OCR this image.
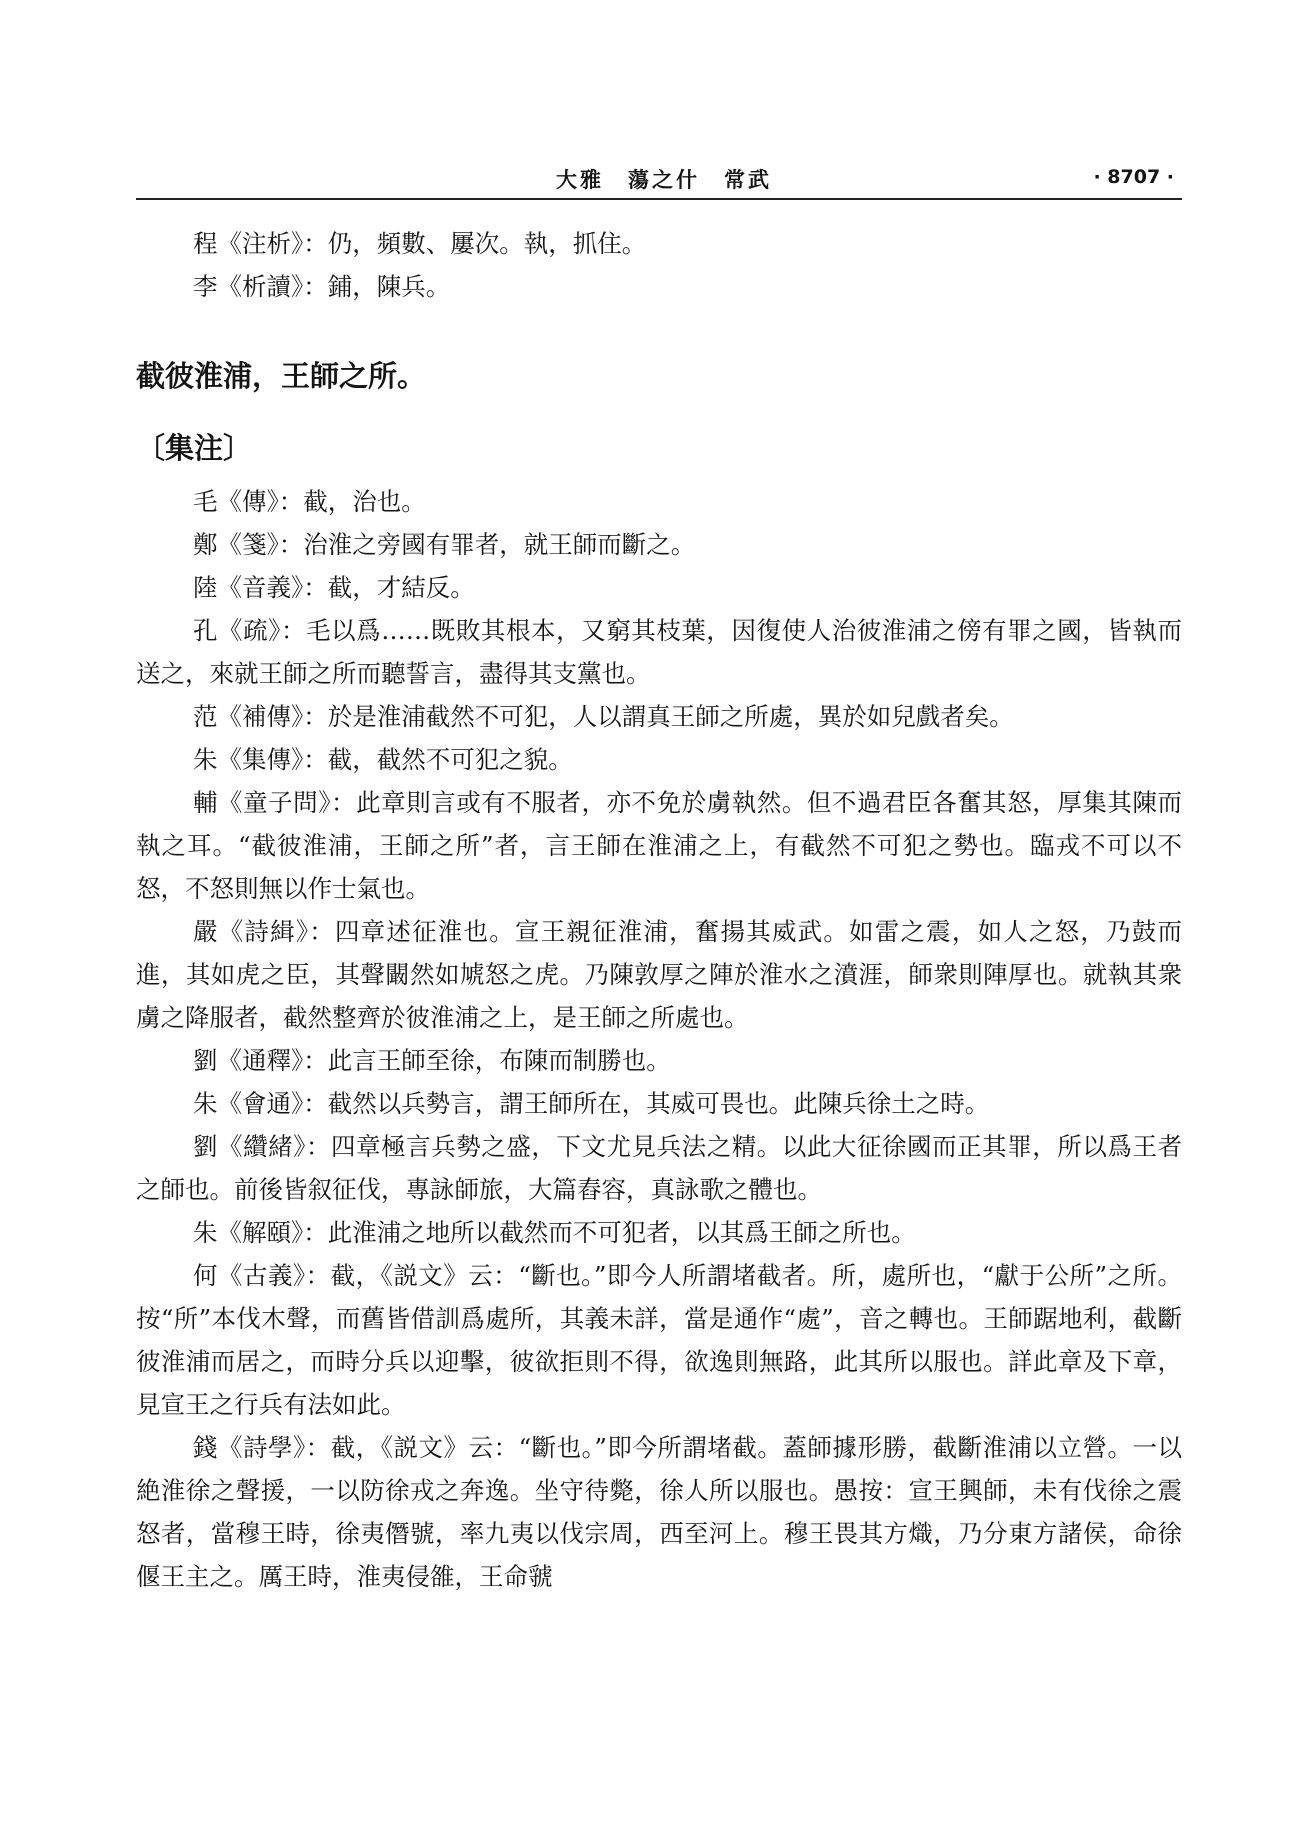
大雅　蕩之什　常武	· 8707 ·

程《注析》：仍，頻數、屢次。執，抓住。

李《析讀》：鋪，陳兵。

截彼淮浦，王師之所。
〔集注〕

毛《傳》：截，治也。

鄭《箋》：治淮之旁國有罪者，就王師而斷之。

陸《音義》：截，才結反。

孔《疏》：毛以爲……既敗其根本，又窮其枝葉，因復使人治彼淮浦之傍有罪之國，皆執而送之，來就王師之所而聽誓言，盡得其支黨也。

范《補傳》：於是淮浦截然不可犯，人以謂真王師之所處，異於如兒戲者矣。

朱《集傳》：截，截然不可犯之貌。

輔《童子問》：此章則言或有不服者，亦不免於虜執然。但不過君臣各奮其怒，厚集其陳而執之耳。“截彼淮浦，王師之所”者，言王師在淮浦之上，有截然不可犯之勢也。臨戎不可以不怒，不怒則無以作士氣也。

嚴《詩緝》：四章述征淮也。宣王親征淮浦，奮揚其威武。如雷之震，如人之怒，乃鼓而進，其如虎之臣，其聲闞然如虓怒之虎。乃陳敦厚之陣於淮水之濆涯，師衆則陣厚也。就執其衆虜之降服者，截然整齊於彼淮浦之上，是王師之所處也。

劉《通釋》：此言王師至徐，布陳而制勝也。

朱《會通》：截然以兵勢言，謂王師所在，其威可畏也。此陳兵徐土之時。

劉《纘緒》：四章極言兵勢之盛，下文尤見兵法之精。以此大征徐國而正其罪，所以爲王者之師也。前後皆叙征伐，專詠師旅，大篇舂容，真詠歌之體也。

朱《解頤》：此淮浦之地所以截然而不可犯者，以其爲王師之所也。

何《古義》：截，《説文》云：“斷也。”即今人所謂堵截者。所，處所也，“獻于公所”之所。按“所”本伐木聲，而舊皆借訓爲處所，其義未詳，當是通作“處”，音之轉也。王師踞地利，截斷彼淮浦而居之，而時分兵以迎擊，彼欲拒則不得，欲逸則無路，此其所以服也。詳此章及下章，見宣王之行兵有法如此。

錢《詩學》：截，《説文》云：“斷也。”即今所謂堵截。蓋師據形勝，截斷淮浦以立營。一以絶淮徐之聲援，一以防徐戎之奔逸。坐守待斃，徐人所以服也。愚按：宣王興師，未有伐徐之震怒者，當穆王時，徐夷僭號，率九夷以伐宗周，西至河上。穆王畏其方熾，乃分東方諸侯，命徐偃王主之。厲王時，淮夷侵雒，王命虢
